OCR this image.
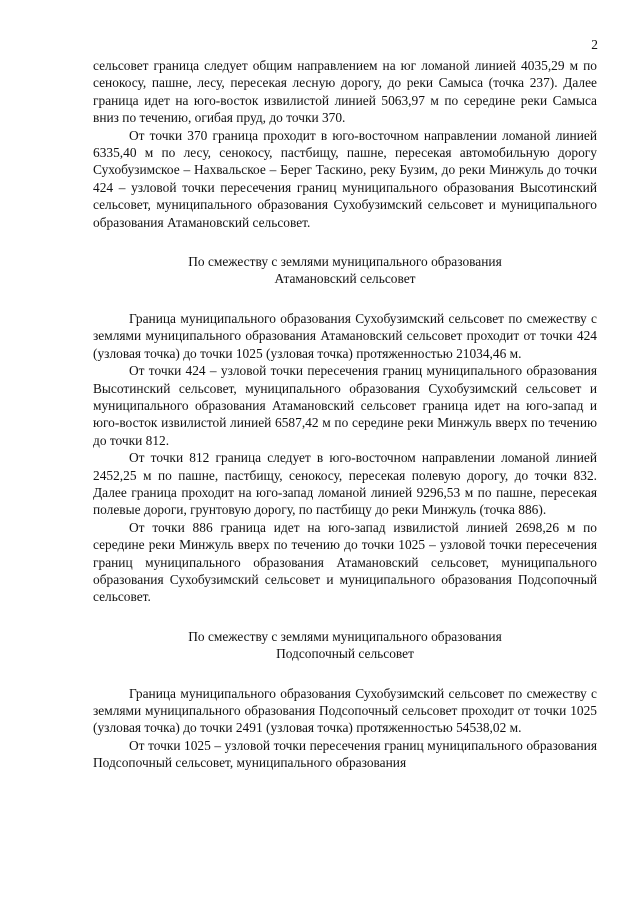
2

сельсовет граница следует общим направлением на юг ломаной линией 4035,29 м по сенокосу, пашне, лесу, пересекая лесную дорогу, до реки Самыса (точка 237). Далее граница идет на юго-восток извилистой линией 5063,97 м по середине реки Самыса вниз по течению, огибая пруд, до точки 370.

От точки 370 граница проходит в юго-восточном направлении ломаной линией 6335,40 м по лесу, сенокосу, пастбищу, пашне, пересекая автомобильную дорогу Сухобузимское – Нахвальское – Берег Таскино, реку Бузим, до реки Минжуль до точки 424 – узловой точки пересечения границ муниципального образования Высотинский сельсовет, муниципального образования Сухобузимский сельсовет и муниципального образования Атамановский сельсовет.

По смежеству с землями муниципального образования

Атамановский сельсовет

Граница муниципального образования Сухобузимский сельсовет по смежеству с землями муниципального образования Атамановский сельсовет проходит от точки 424 (узловая точка) до точки 1025 (узловая точка) протяженностью 21034,46 м.

От точки 424 – узловой точки пересечения границ муниципального образования Высотинский сельсовет, муниципального образования Сухобузимский сельсовет и муниципального образования Атамановский сельсовет граница идет на юго-запад и юго-восток извилистой линией 6587,42 м по середине реки Минжуль вверх по течению до точки 812.

От точки 812 граница следует в юго-восточном направлении ломаной линией 2452,25 м по пашне, пастбищу, сенокосу, пересекая полевую дорогу, до точки 832. Далее граница проходит на юго-запад ломаной линией 9296,53 м по пашне, пересекая полевые дороги, грунтовую дорогу, по пастбищу до реки Минжуль (точка 886).

От точки 886 граница идет на юго-запад извилистой линией 2698,26 м по середине реки Минжуль вверх по течению до точки 1025 – узловой точки пересечения границ муниципального образования Атамановский сельсовет, муниципального образования Сухобузимский сельсовет и муниципального образования Подсопочный сельсовет.

По смежеству с землями муниципального образования

Подсопочный сельсовет

Граница муниципального образования Сухобузимский сельсовет по смежеству с землями муниципального образования Подсопочный сельсовет проходит от точки 1025 (узловая точка) до точки 2491 (узловая точка) протяженностью 54538,02 м.

От точки 1025 – узловой точки пересечения границ муниципального образования Подсопочный сельсовет, муниципального образования
